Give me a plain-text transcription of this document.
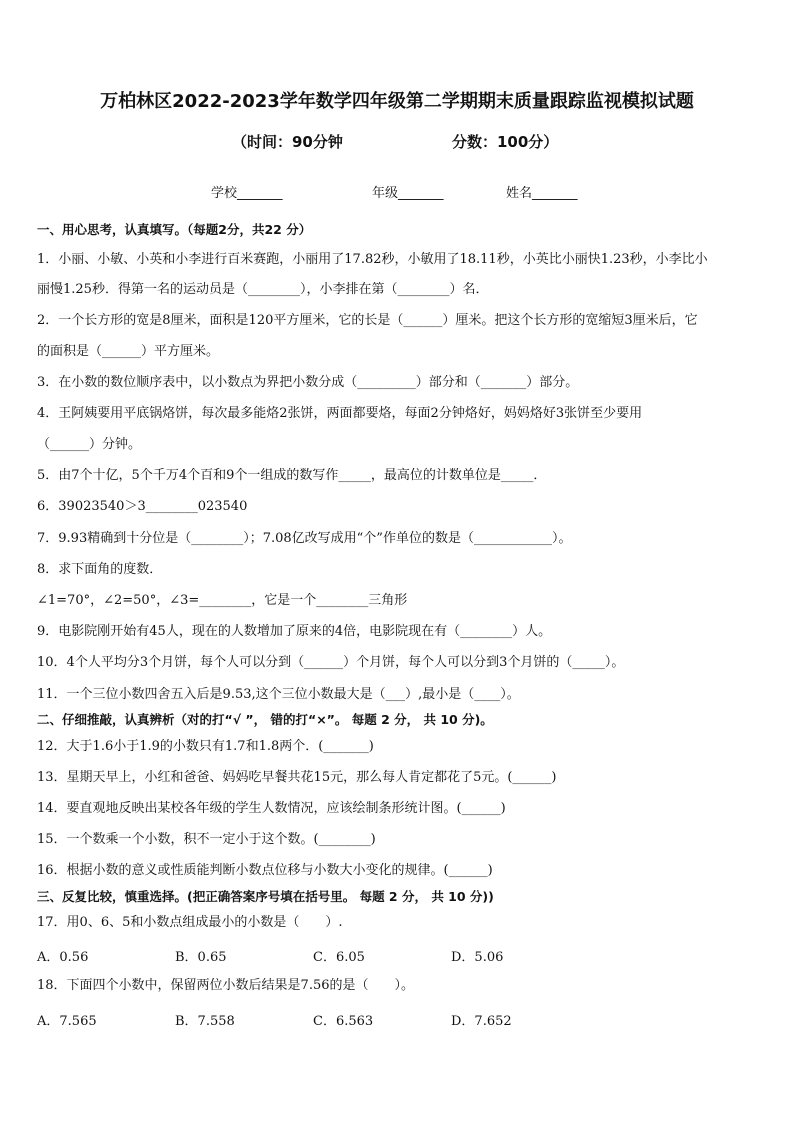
万柏林区2022-2023学年数学四年级第二学期期末质量跟踪监视模拟试题
（时间：90分钟	分数：100分）
学校_______	年级_______	姓名_______
一、用心思考，认真填写。（每题2分，共22 分）
1．小丽、小敏、小英和小李进行百米赛跑，小丽用了17.82秒，小敏用了18.11秒，小英比小丽快1.23秒，小李比小
丽慢1.25秒．得第一名的运动员是（________），小李排在第（________）名．
2．一个长方形的宽是8厘米，面积是120平方厘米，它的长是（______）厘米。把这个长方形的宽缩短3厘米后，它
的面积是（______）平方厘米。
3．在小数的数位顺序表中，以小数点为界把小数分成（_________）部分和（_______）部分。
4．王阿姨要用平底锅烙饼，每次最多能烙2张饼，两面都要烙，每面2分钟烙好，妈妈烙好3张饼至少要用
（______）分钟。
5．由7个十亿，5个千万4个百和9个一组成的数写作_____，最高位的计数单位是_____．
6．39023540＞3________023540
7．9.93精确到十分位是（________）；7.08亿改写成用“个”作单位的数是（____________）。
8．求下面角的度数．
∠1=70°，∠2=50°，∠3=________，它是一个________三角形
9．电影院刚开始有45人，现在的人数增加了原来的4倍，电影院现在有（________）人。
10．4个人平均分3个月饼，每个人可以分到（______）个月饼，每个人可以分到3个月饼的（_____）。
11．一个三位小数四舍五入后是9.53,这个三位小数最大是（___）,最小是（____）。
二、仔细推敲，认真辨析（对的打“√ ”， 错的打“×”。 每题 2 分， 共 10 分)。
12．大于1.6小于1.9的小数只有1.7和1.8两个．(_______)
13．星期天早上，小红和爸爸、妈妈吃早餐共花15元，那么每人肯定都花了5元。(______)
14．要直观地反映出某校各年级的学生人数情况，应该绘制条形统计图。(______)
15．一个数乘一个小数，积不一定小于这个数。(________)
16．根据小数的意义或性质能判断小数点位移与小数大小变化的规律。(______)
三、反复比较，慎重选择。(把正确答案序号填在括号里。 每题 2 分， 共 10 分))
17．用0、6、5和小数点组成最小的小数是（　　）.
A．0.56	B．0.65	C．6.05	D．5.06
18．下面四个小数中，保留两位小数后结果是7.56的是（　　）。
A．7.565	B．7.558	C．6.563	D．7.652
